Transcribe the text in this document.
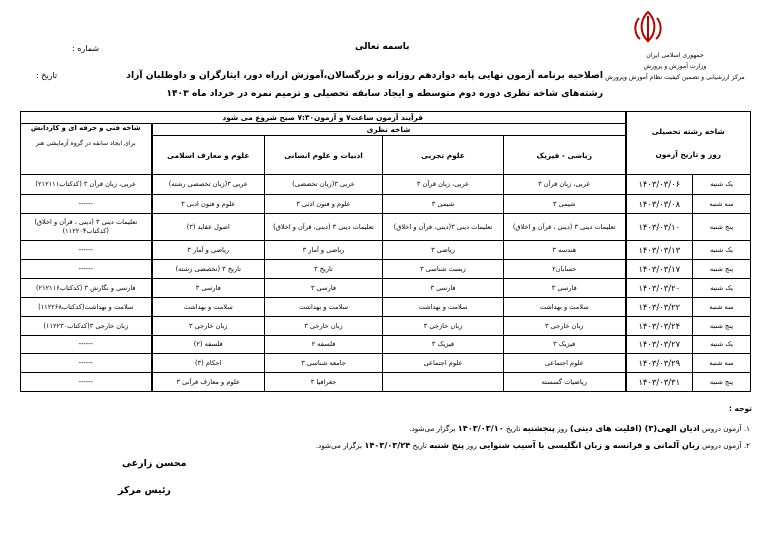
جمهوری اسلامی ایران
وزارت آموزش و پرورش
مرکز ارزشیابی و تضمین کیفیت نظام آموزش وپرورش
باسمه تعالی
شماره :
تاریخ :	اصلاحیه برنامه آزمون نهایی پایه دوازدهم روزانه و بزرگسالان،آموزش ازراه دور، ایثارگران و داوطلبان آزاد
رشته‌های شاخه نظری دوره دوم متوسطه و ایجاد سابقه تحصیلی و ترمیم نمره در خرداد ماه ۱۴۰۳
شاخه رشته تحصیلی
روز و تاریخ آزمون		فرآیند آزمون ساعت۷ و آزمون۷:۳۰ صبح شروع می شود				
		شاخه نظری				شاخه فنی و حرفه ای و کاردانش
برای ایجاد سابقه در گروه آزمایشی هنر

		ریاضی - فیزیک	علوم تجربی	ادبیات و علوم انسانی	علوم و معارف اسلامی	
یک شنبه	۱۴۰۳/۰۳/۰۶	عربی، زبان قرآن ۳	عربی، زبان قرآن ۳	عربی ۳(زبان تخصصی)	عربی ۳(زبان تخصصی رشته)	عربی، زبان قرآن ۳ (کدکتاب۲۱۲۱۱۱)
سه شنبه	۱۴۰۳/۰۳/۰۸	شیمی ۳	شیمی ۳	علوم و فنون ادبی ۳	علوم و فنون ادبی ۳	------
پنج شنبه	۱۴۰۳/۰۳/۱۰	تعلیمات دینی ۳ (دینی ، قرآن و اخلاق)	تعلیمات دینی ۳(دینی، قرآن و اخلاق)	تعلیمات دینی ۳ (دینی، قرآن و اخلاق)	اصول عقاید (۳)	تعلیمات دینی ۳ (دینی ، قرآن و اخلاق)(کدکتاب۱۱۲۲۰۴)
یک شنبه	۱۴۰۳/۰۳/۱۳	هندسه ۳	ریاضی ۳	ریاضی و آمار ۳	ریاضی و آمار ۳	------
پنج شنبه	۱۴۰۳/۰۳/۱۷	حسابان۲	زیست شناسی ۳	تاریخ ۳	تاریخ ۳ (تخصصی رشته)	------
یک شنبه	۱۴۰۳/۰۳/۲۰	فارسی ۳	فارسی ۳	فارسی ۳	فارسی ۳	فارسی و نگارش ۳ (کدکتاب۲۱۲۱۱۶)
سه شنبه	۱۴۰۳/۰۳/۲۲	سلامت و بهداشت	سلامت و بهداشت	سلامت و بهداشت	سلامت و بهداشت	سلامت و بهداشت(کدکتاب۱۱۲۲۶۸)
پنج شنبه	۱۴۰۳/۰۳/۲۴	زبان خارجی ۳	زبان خارجی ۳	زبان خارجی ۳	زبان خارجی ۳	زبان خارجی ۳(کدکتاب۱۱۲۲۳۰)
یک شنبه	۱۴۰۳/۰۳/۲۷	فیزیک ۳	فیزیک ۳	فلسفه ۲	فلسفه (۲)	------
سه شنبه	۱۴۰۳/۰۳/۲۹	علوم اجتماعی	علوم اجتماعی	جامعه شناسی ۳	احکام (۳)	------
پنج شنبه	۱۴۰۳/۰۳/۳۱	ریاضیات گسسته		جغرافیا ۳	علوم و معارف قرآنی ۳	------
توجه :
۱. آزمون دروس ادیان الهی(۳) (اقلیت های دینی) روز پنجشنبه تاریخ ۱۴۰۳/۰۳/۱۰ برگزار می‌شود.
۲. آزمون دروس زبان آلمانی و فرانسه و زبان انگلیسی با آسیب شنوایی روز پنج شنبه تاریخ ۱۴۰۳/۰۳/۲۴ برگزار می‌شود.
محسن زارعی
رئیس مرکز
